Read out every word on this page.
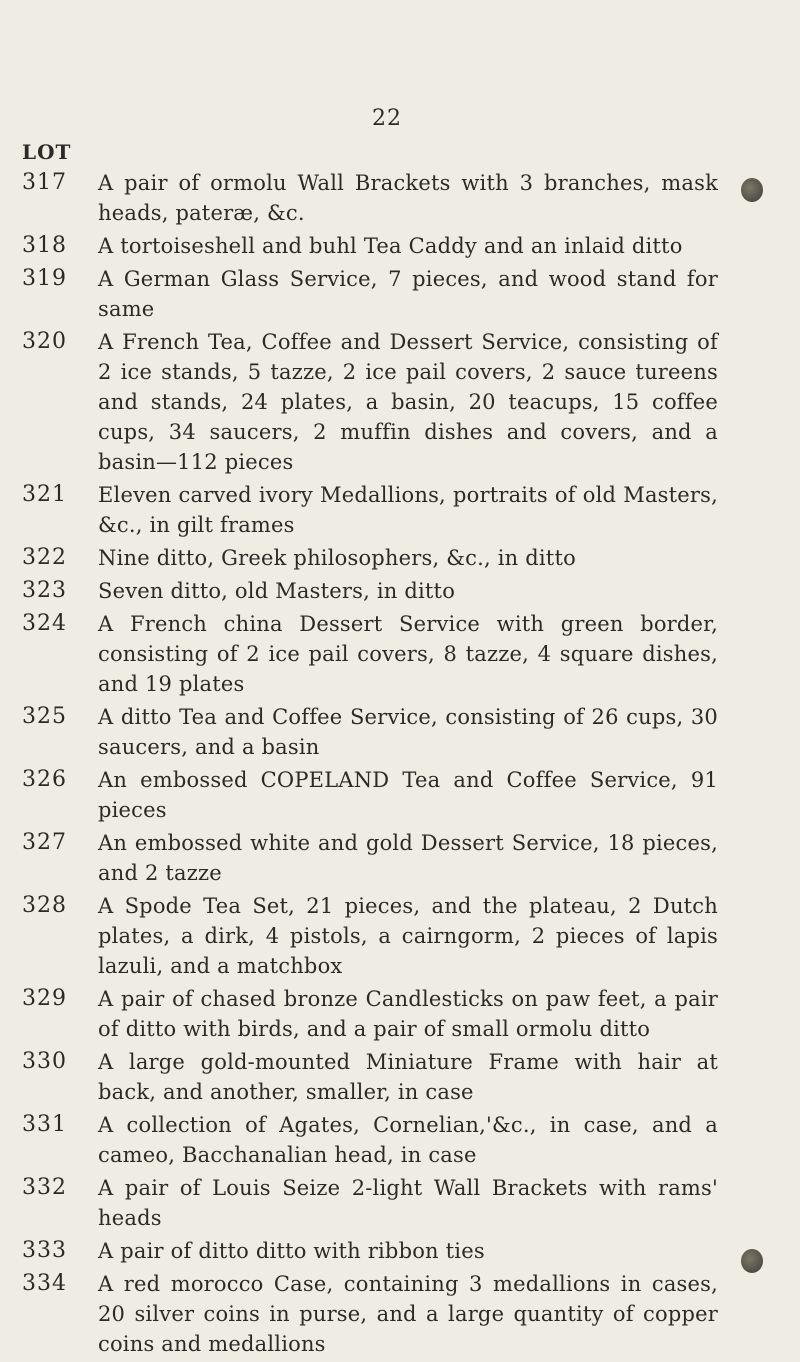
22
LOT
317 A pair of ormolu Wall Brackets with 3 branches, mask heads, pateræ, &c.
318 A tortoiseshell and buhl Tea Caddy and an inlaid ditto
319 A German Glass Service, 7 pieces, and wood stand for same
320 A French Tea, Coffee and Dessert Service, consisting of 2 ice stands, 5 tazze, 2 ice pail covers, 2 sauce tureens and stands, 24 plates, a basin, 20 teacups, 15 coffee cups, 34 saucers, 2 muffin dishes and covers, and a basin—112 pieces
321 Eleven carved ivory Medallions, portraits of old Masters, &c., in gilt frames
322 Nine ditto, Greek philosophers, &c., in ditto
323 Seven ditto, old Masters, in ditto
324 A French china Dessert Service with green border, consisting of 2 ice pail covers, 8 tazze, 4 square dishes, and 19 plates
325 A ditto Tea and Coffee Service, consisting of 26 cups, 30 saucers, and a basin
326 An embossed COPELAND Tea and Coffee Service, 91 pieces
327 An embossed white and gold Dessert Service, 18 pieces, and 2 tazze
328 A Spode Tea Set, 21 pieces, and the plateau, 2 Dutch plates, a dirk, 4 pistols, a cairngorm, 2 pieces of lapis lazuli, and a matchbox
329 A pair of chased bronze Candlesticks on paw feet, a pair of ditto with birds, and a pair of small ormolu ditto
330 A large gold-mounted Miniature Frame with hair at back, and another, smaller, in case
331 A collection of Agates, Cornelian,'&c., in case, and a cameo, Bacchanalian head, in case
332 A pair of Louis Seize 2-light Wall Brackets with rams' heads
333 A pair of ditto ditto with ribbon ties
334 A red morocco Case, containing 3 medallions in cases, 20 silver coins in purse, and a large quantity of copper coins and medallions
